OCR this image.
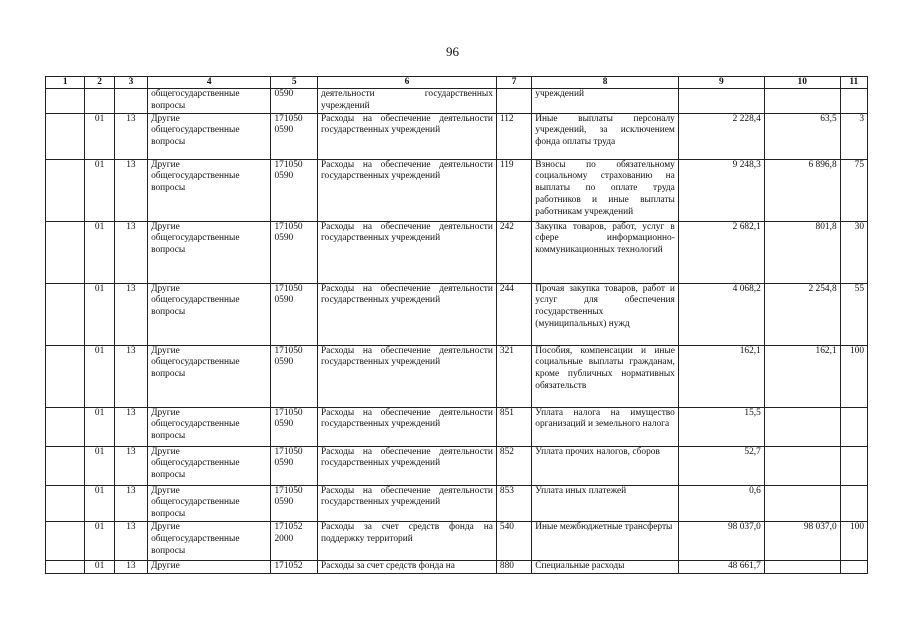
96
1	2	3	4	5	6	7	8	9	10	11
			общегосударственные вопросы	0590	деятельности государственных учреждений		учреждений			
	01	13	Другие общегосударственные вопросы	171050 0590	Расходы на обеспечение деятельности государственных учреждений	112	Иные выплаты персоналу учреждений, за исключением фонда оплаты труда	2 228,4	63,5	3
	01	13	Другие общегосударственные вопросы	171050 0590	Расходы на обеспечение деятельности государственных учреждений	119	Взносы по обязательному социальному страхованию на выплаты по оплате труда работников и иные выплаты работникам учреждений	9 248,3	6 896,8	75
	01	13	Другие общегосударственные вопросы	171050 0590	Расходы на обеспечение деятельности государственных учреждений	242	Закупка товаров, работ, услуг в сфере информационно-коммуникационных технологий	2 682,1	801,8	30
	01	13	Другие общегосударственные вопросы	171050 0590	Расходы на обеспечение деятельности государственных учреждений	244	Прочая закупка товаров, работ и услуг для обеспечения государственных (муниципальных) нужд	4 068,2	2 254,8	55
	01	13	Другие общегосударственные вопросы	171050 0590	Расходы на обеспечение деятельности государственных учреждений	321	Пособия, компенсации и иные социальные выплаты гражданам, кроме публичных нормативных обязательств	162,1	162,1	100
	01	13	Другие общегосударственные вопросы	171050 0590	Расходы на обеспечение деятельности государственных учреждений	851	Уплата налога на имущество организаций и земельного налога	15,5		
	01	13	Другие общегосударственные вопросы	171050 0590	Расходы на обеспечение деятельности государственных учреждений	852	Уплата прочих налогов, сборов	52,7		
	01	13	Другие общегосударственные вопросы	171050 0590	Расходы на обеспечение деятельности государственных учреждений	853	Уплата иных платежей	0,6		
	01	13	Другие общегосударственные вопросы	171052 2000	Расходы за счет средств фонда на поддержку территорий	540	Иные межбюджетные трансферты	98 037,0	98 037,0	100
	01	13	Другие	171052	Расходы за счет средств фонда на	880	Специальные расходы	48 661,7		
